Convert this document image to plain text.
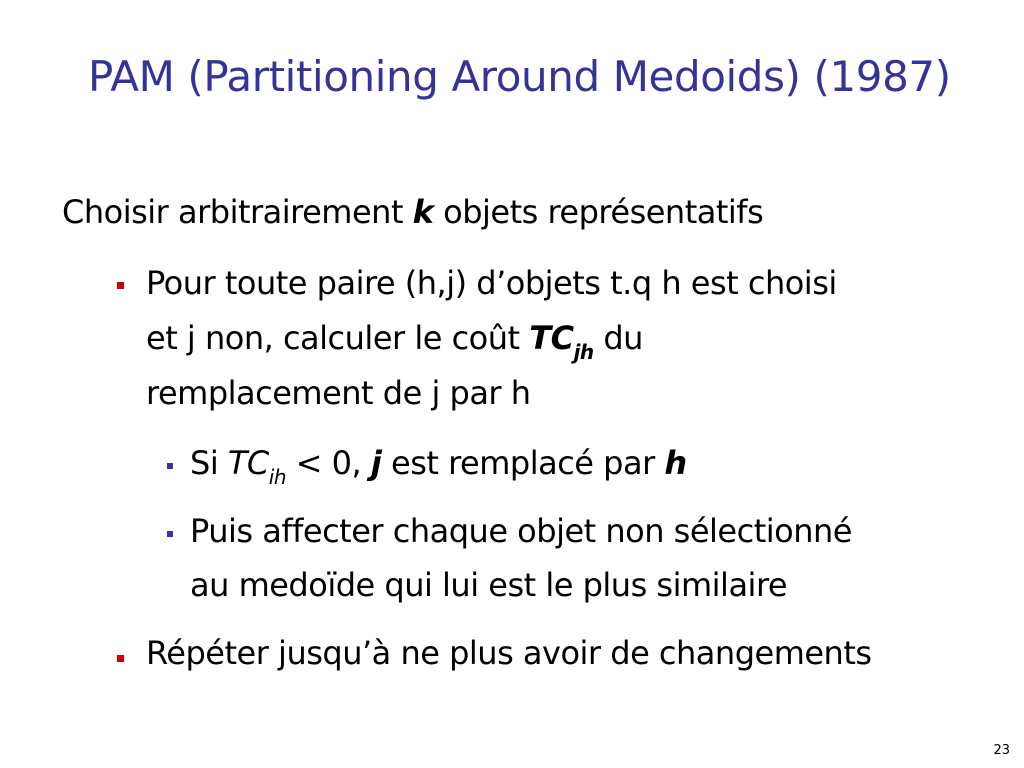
PAM (Partitioning Around Medoids) (1987)
Choisir arbitrairement k objets représentatifs
Pour toute paire (h,j) d’objets t.q h est choisi
et j non, calculer le coût $TC_{jh}$ du
remplacement de j par h
Si $TC_{ih} < 0$, j est remplacé par h
Puis affecter chaque objet non sélectionné
au medoïde qui lui est le plus similaire
Répéter jusqu’à ne plus avoir de changements
23
